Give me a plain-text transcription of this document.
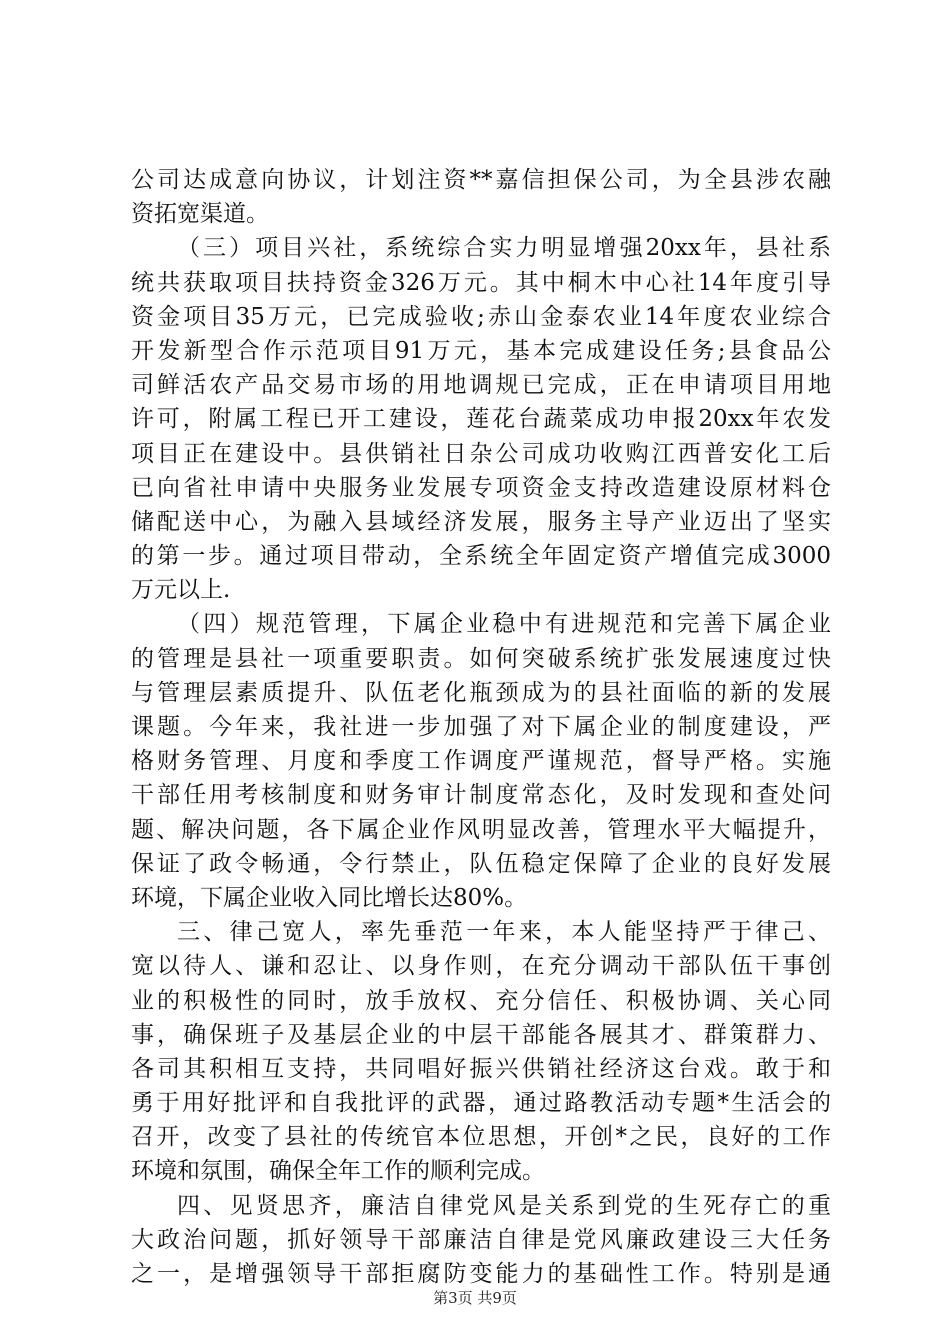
公司达成意向协议，计划注资**嘉信担保公司，为全县涉农融
资拓宽渠道。
（三）项目兴社，系统综合实力明显增强20xx年，县社系
统共获取项目扶持资金326万元。其中桐木中心社14年度引导
资金项目35万元，已完成验收;赤山金泰农业14年度农业综合
开发新型合作示范项目91万元，基本完成建设任务;县食品公
司鲜活农产品交易市场的用地调规已完成，正在申请项目用地
许可，附属工程已开工建设，莲花台蔬菜成功申报20xx年农发
项目正在建设中。县供销社日杂公司成功收购江西普安化工后
已向省社申请中央服务业发展专项资金支持改造建设原材料仓
储配送中心，为融入县域经济发展，服务主导产业迈出了坚实
的第一步。通过项目带动，全系统全年固定资产增值完成3000
万元以上.
（四）规范管理，下属企业稳中有进规范和完善下属企业
的管理是县社一项重要职责。如何突破系统扩张发展速度过快
与管理层素质提升、队伍老化瓶颈成为的县社面临的新的发展
课题。今年来，我社进一步加强了对下属企业的制度建设，严
格财务管理、月度和季度工作调度严谨规范，督导严格。实施
干部任用考核制度和财务审计制度常态化，及时发现和查处问
题、解决问题，各下属企业作风明显改善，管理水平大幅提升，
保证了政令畅通，令行禁止，队伍稳定保障了企业的良好发展
环境，下属企业收入同比增长达80%。
三、律己宽人，率先垂范一年来，本人能坚持严于律己、
宽以待人、谦和忍让、以身作则，在充分调动干部队伍干事创
业的积极性的同时，放手放权、充分信任、积极协调、关心同
事，确保班子及基层企业的中层干部能各展其才、群策群力、
各司其积相互支持，共同唱好振兴供销社经济这台戏。敢于和
勇于用好批评和自我批评的武器，通过路教活动专题*生活会的
召开，改变了县社的传统官本位思想，开创*之民，良好的工作
环境和氛围，确保全年工作的顺利完成。
四、见贤思齐，廉洁自律党风是关系到党的生死存亡的重
大政治问题，抓好领导干部廉洁自律是党风廉政建设三大任务
之一，是增强领导干部拒腐防变能力的基础性工作。特别是通
第3页 共9页
